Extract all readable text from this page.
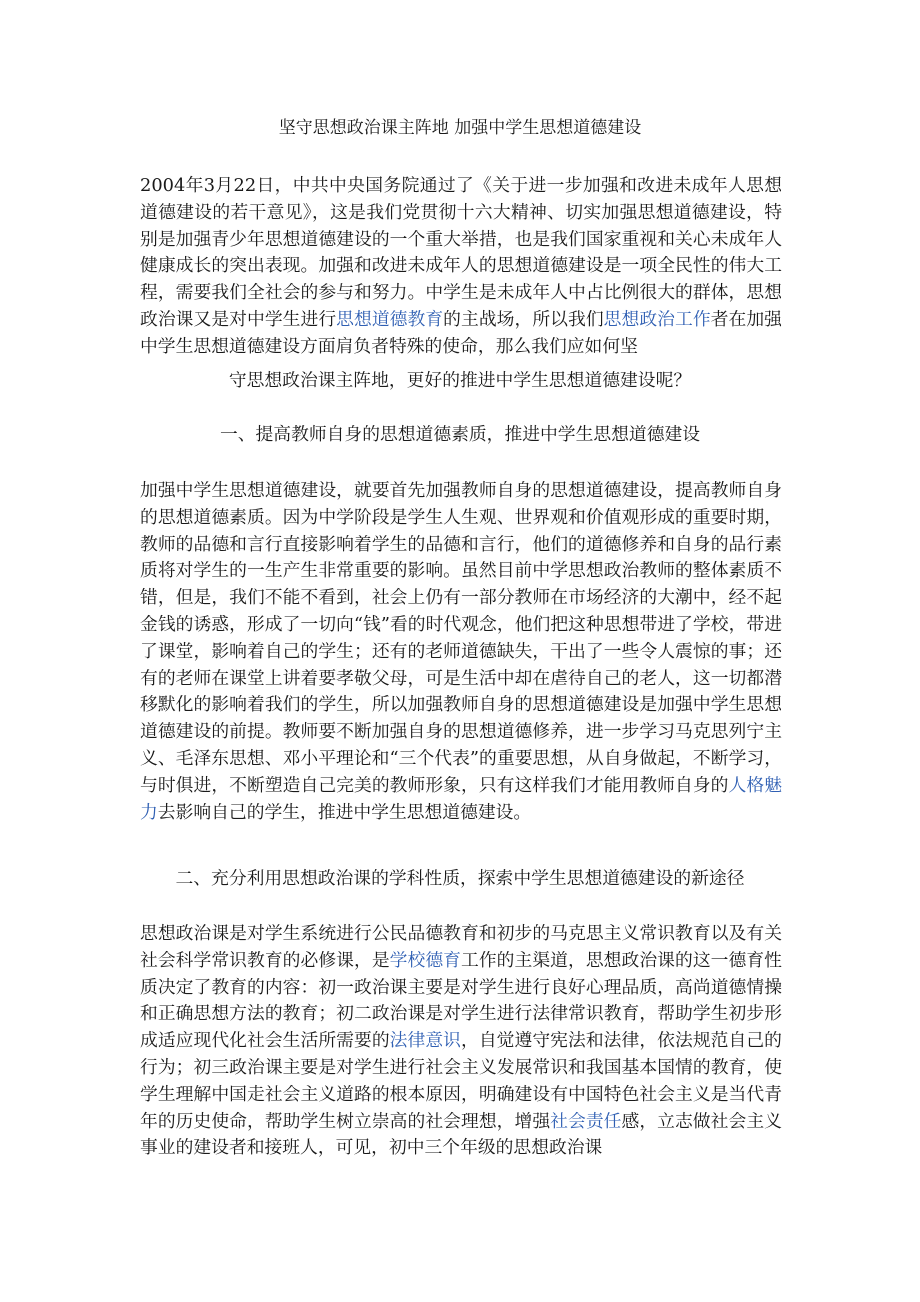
坚守思想政治课主阵地 加强中学生思想道德建设

2004年3月22日，中共中央国务院通过了《关于进一步加强和改进未成年人思想道德建设的若干意见》，这是我们党贯彻十六大精神、切实加强思想道德建设，特别是加强青少年思想道德建设的一个重大举措，也是我们国家重视和关心未成年人健康成长的突出表现。加强和改进未成年人的思想道德建设是一项全民性的伟大工程，需要我们全社会的参与和努力。中学生是未成年人中占比例很大的群体，思想政治课又是对中学生进行思想道德教育的主战场，所以我们思想政治工作者在加强中学生思想道德建设方面肩负者特殊的使命，那么我们应如何坚

守思想政治课主阵地，更好的推进中学生思想道德建设呢？

一、提高教师自身的思想道德素质，推进中学生思想道德建设

加强中学生思想道德建设，就要首先加强教师自身的思想道德建设，提高教师自身的思想道德素质。因为中学阶段是学生人生观、世界观和价值观形成的重要时期，教师的品德和言行直接影响着学生的品德和言行，他们的道德修养和自身的品行素质将对学生的一生产生非常重要的影响。虽然目前中学思想政治教师的整体素质不错，但是，我们不能不看到，社会上仍有一部分教师在市场经济的大潮中，经不起金钱的诱惑，形成了一切向“钱”看的时代观念，他们把这种思想带进了学校，带进了课堂，影响着自己的学生；还有的老师道德缺失，干出了一些令人震惊的事；还有的老师在课堂上讲着要孝敬父母，可是生活中却在虐待自己的老人，这一切都潜移默化的影响着我们的学生，所以加强教师自身的思想道德建设是加强中学生思想道德建设的前提。教师要不断加强自身的思想道德修养，进一步学习马克思列宁主义、毛泽东思想、邓小平理论和“三个代表”的重要思想，从自身做起，不断学习，与时俱进，不断塑造自己完美的教师形象，只有这样我们才能用教师自身的人格魅力去影响自己的学生，推进中学生思想道德建设。

二、充分利用思想政治课的学科性质，探索中学生思想道德建设的新途径

思想政治课是对学生系统进行公民品德教育和初步的马克思主义常识教育以及有关社会科学常识教育的必修课，是学校德育工作的主渠道，思想政治课的这一德育性质决定了教育的内容：初一政治课主要是对学生进行良好心理品质，高尚道德情操和正确思想方法的教育；初二政治课是对学生进行法律常识教育，帮助学生初步形成适应现代化社会生活所需要的法律意识，自觉遵守宪法和法律，依法规范自己的行为；初三政治课主要是对学生进行社会主义发展常识和我国基本国情的教育，使学生理解中国走社会主义道路的根本原因，明确建设有中国特色社会主义是当代青年的历史使命，帮助学生树立崇高的社会理想，增强社会责任感，立志做社会主义事业的建设者和接班人，可见，初中三个年级的思想政治课
